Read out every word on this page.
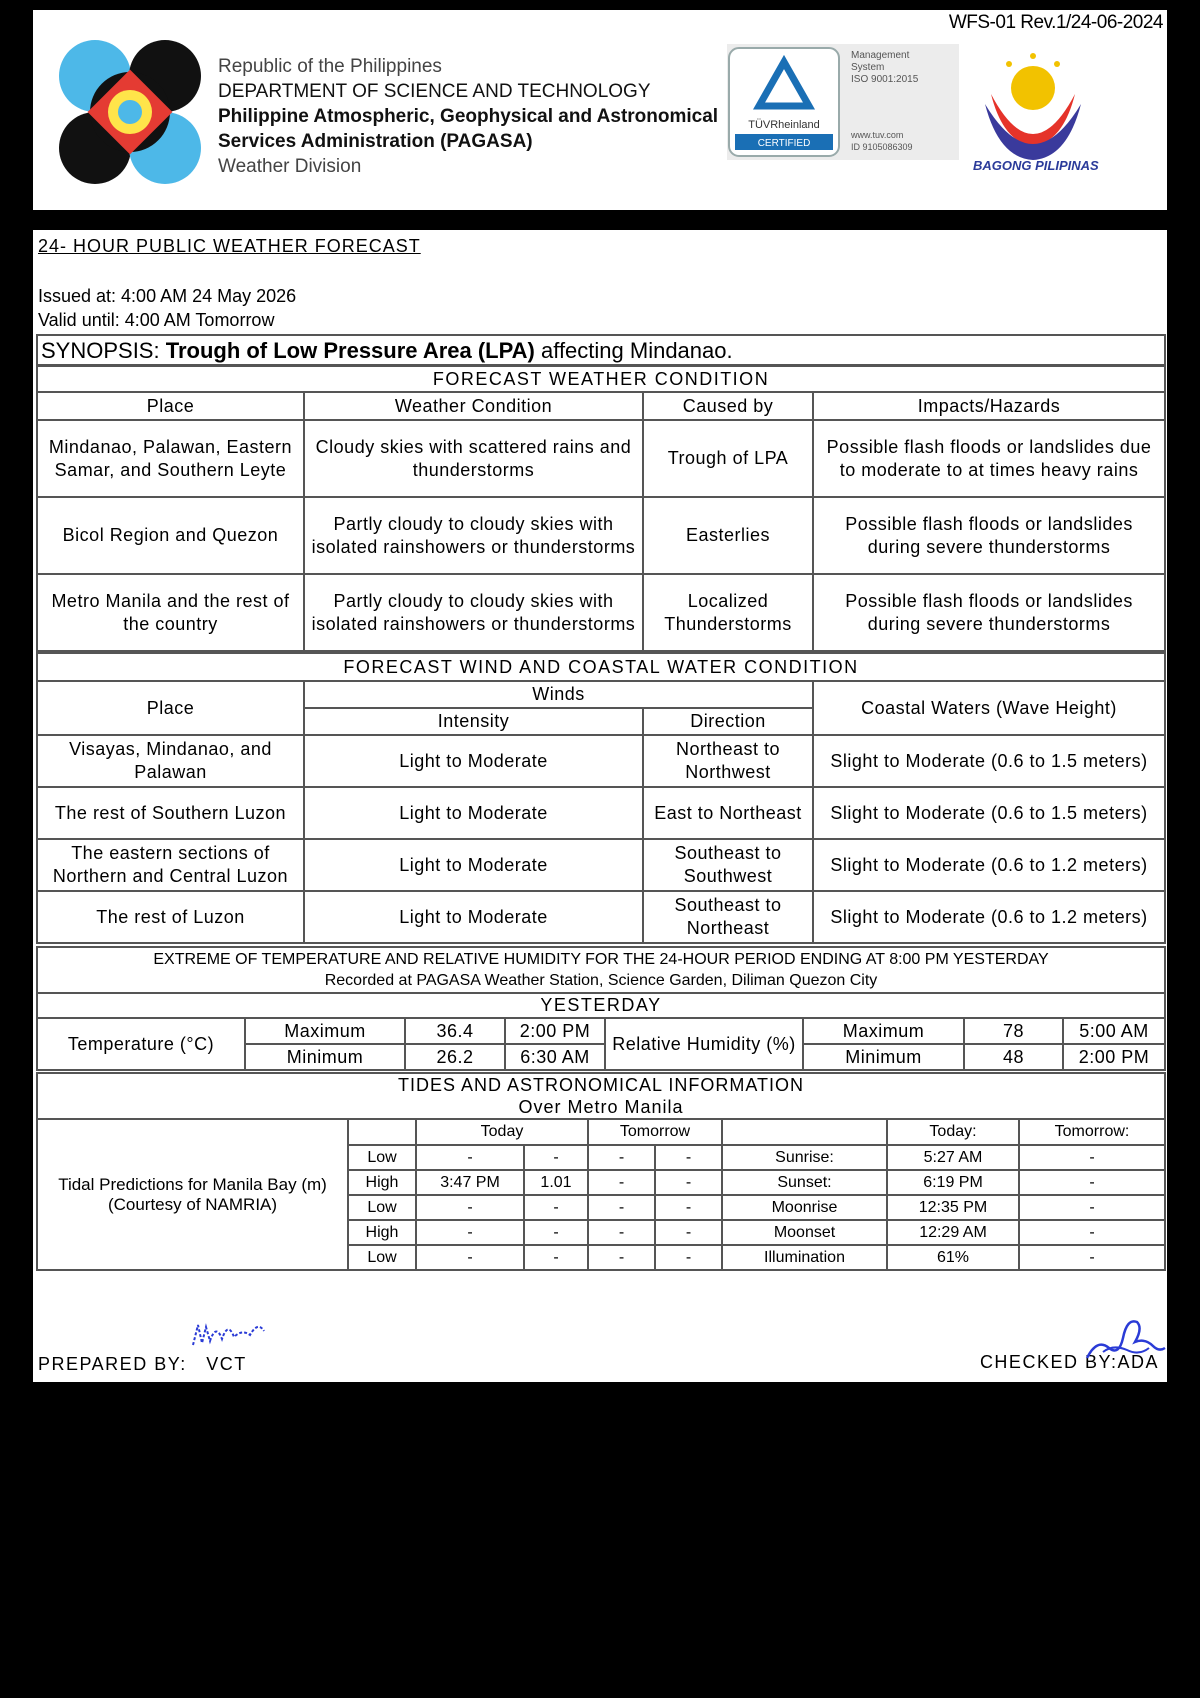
WFS-01 Rev.1/24-06-2024
Republic of the Philippines
DEPARTMENT OF SCIENCE AND TECHNOLOGY
Philippine Atmospheric, Geophysical and Astronomical
Services Administration (PAGASA)
Weather Division
TÜVRheinland
CERTIFIED
Management
System
ISO 9001:2015
www.tuv.com
ID 9105086309
BAGONG PILIPINAS
24- HOUR PUBLIC WEATHER FORECAST
Issued at: 4:00 AM 24 May 2026
Valid until: 4:00 AM Tomorrow
SYNOPSIS: Trough of Low Pressure Area (LPA) affecting Mindanao.
FORECAST WEATHER CONDITION			
Place	Weather Condition	Caused by	Impacts/Hazards
Mindanao, Palawan, Eastern Samar, and Southern Leyte	Cloudy skies with scattered rains and thunderstorms	Trough of LPA	Possible flash floods or landslides due to moderate to at times heavy rains
Bicol Region and Quezon	Partly cloudy to cloudy skies with isolated rainshowers or thunderstorms	Easterlies	Possible flash floods or landslides during severe thunderstorms
Metro Manila and the rest of the country	Partly cloudy to cloudy skies with isolated rainshowers or thunderstorms	Localized Thunderstorms	Possible flash floods or landslides during severe thunderstorms
FORECAST WIND AND COASTAL WATER CONDITION			
Place	Winds		Coastal Waters (Wave Height)
	Intensity	Direction	
Visayas, Mindanao, and Palawan	Light to Moderate	Northeast to Northwest	Slight to Moderate (0.6 to 1.5 meters)
The rest of Southern Luzon	Light to Moderate	East to Northeast	Slight to Moderate (0.6 to 1.5 meters)
The eastern sections of Northern and Central Luzon	Light to Moderate	Southeast to Southwest	Slight to Moderate (0.6 to 1.2 meters)
The rest of Luzon	Light to Moderate	Southeast to Northeast	Slight to Moderate (0.6 to 1.2 meters)
EXTREME OF TEMPERATURE AND RELATIVE HUMIDITY FOR THE 24-HOUR PERIOD ENDING AT 8:00 PM YESTERDAY
Recorded at PAGASA Weather Station, Science Garden, Diliman Quezon City							

YESTERDAY							
Temperature (°C)	Maximum	36.4	2:00 PM	Relative Humidity (%)	Maximum	78	5:00 AM
	Minimum	26.2	6:30 AM		Minimum	48	2:00 PM
TIDES AND ASTRONOMICAL INFORMATION
Over Metro Manila								

Tidal Predictions for Manila Bay (m) (Courtesy of NAMRIA)		Today		Tomorrow			Today:	Tomorrow:
	Low	-	-	-	-	Sunrise:	5:27 AM	-
	High	3:47 PM	1.01	-	-	Sunset:	6:19 PM	-
	Low	-	-	-	-	Moonrise	12:35 PM	-
	High	-	-	-	-	Moonset	12:29 AM	-
	Low	-	-	-	-	Illumination	61%	-
PREPARED BY: VCT	CHECKED BY:ADA
